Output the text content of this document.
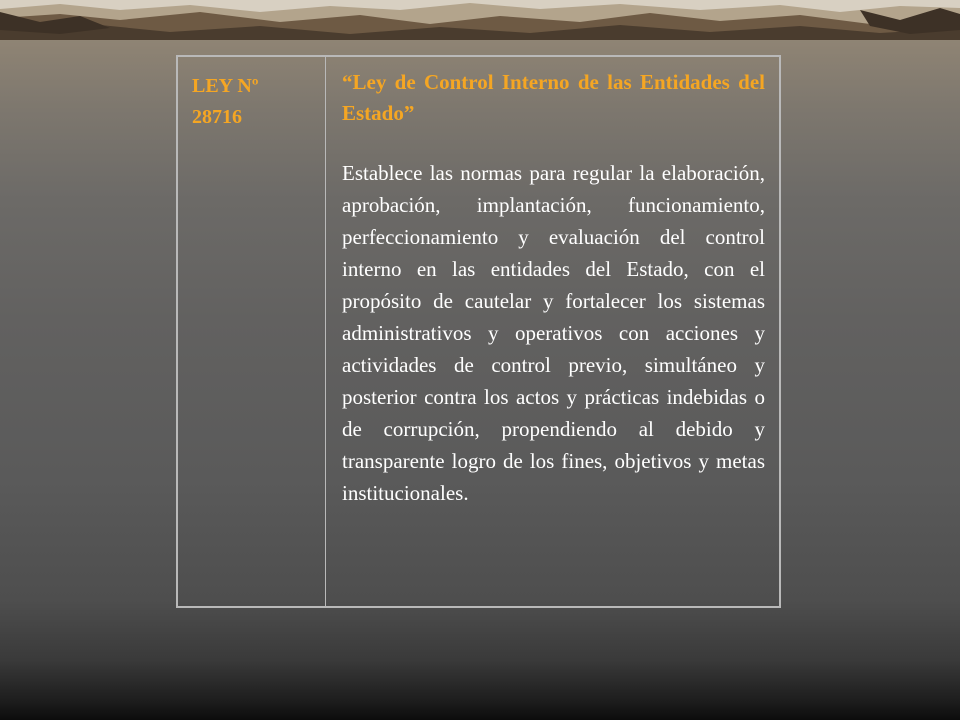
LEY Nº 28716

“Ley de Control Interno de las Entidades del Estado”

Establece las normas para regular la elaboración, aprobación, implantación, funcionamiento, perfeccionamiento y evaluación del control interno en las entidades del Estado, con el propósito de cautelar y fortalecer los sistemas administrativos y operativos con acciones y actividades de control previo, simultáneo y posterior contra los actos y prácticas indebidas o de corrupción, propendiendo al debido y transparente logro de los fines, objetivos y metas institucionales.
